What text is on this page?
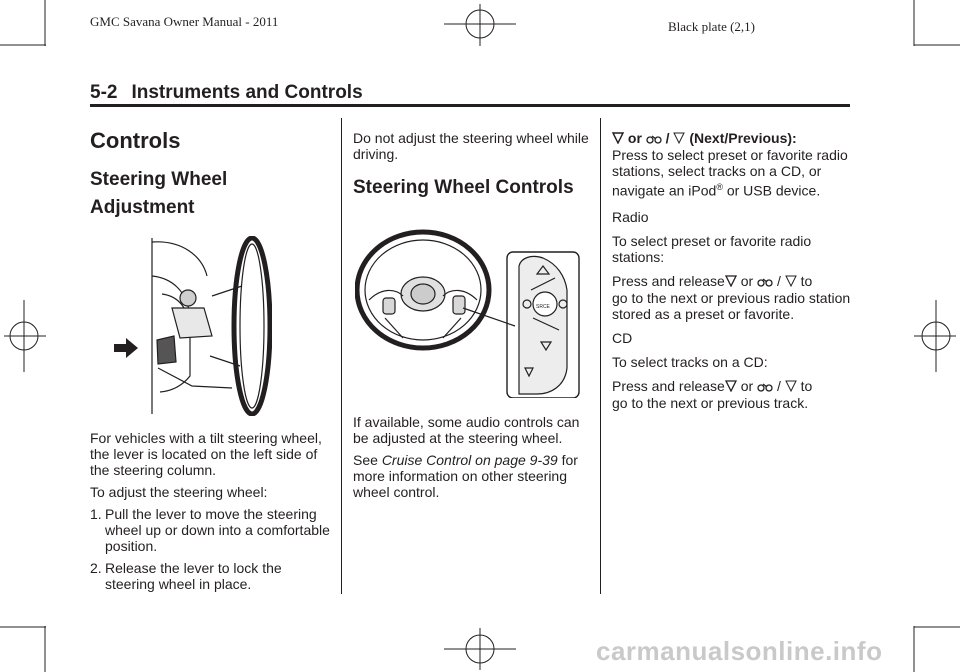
GMC Savana Owner Manual - 2011	Black plate (2,1)
5-2 Instruments and Controls
Controls
Steering Wheel
Adjustment

For vehicles with a tilt steering wheel, the lever is located on the left side of the steering column.

To adjust the steering wheel:

1. Pull the lever to move the steering wheel up or down into a comfortable position.
2. Release the lever to lock the steering wheel in place.

Do not adjust the steering wheel while driving.

Steering Wheel Controls
SRCE

If available, some audio controls can be adjusted at the steering wheel.

See Cruise Control on page 9-39 for more information on other steering wheel control.

or  /  (Next/Previous):
Press to select preset or favorite radio stations, select tracks on a CD, or navigate an iPod® or USB device.

Radio

To select preset or favorite radio stations:

Press and release or  /  to
go to the next or previous radio station stored as a preset or favorite.

CD

To select tracks on a CD:

Press and release or  /  to
go to the next or previous track.

carmanualsonline.info
